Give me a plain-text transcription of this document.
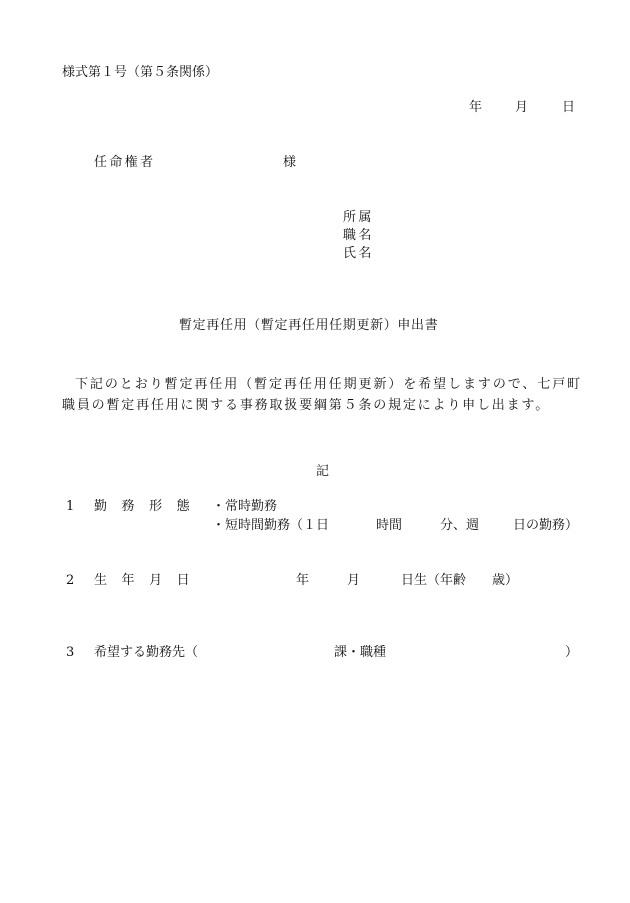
様式第１号（第５条関係）
年	月	日
任命権者	様
所属
職名
氏名
暫定再任用（暫定再任用任期更新）申出書
下記のとおり暫定再任用（暫定再任用任期更新）を希望しますので、七戸町職員の暫定再任用に関する事務取扱要綱第５条の規定により申し出ます。
記
1 勤 務 形 態 ・常時勤務
・短時間勤務（１日	時間	分、週	日の勤務）
2 生 年 月 日	年	月	日生（年齢 歳）
3 希望する勤務先（	課・職種	）
